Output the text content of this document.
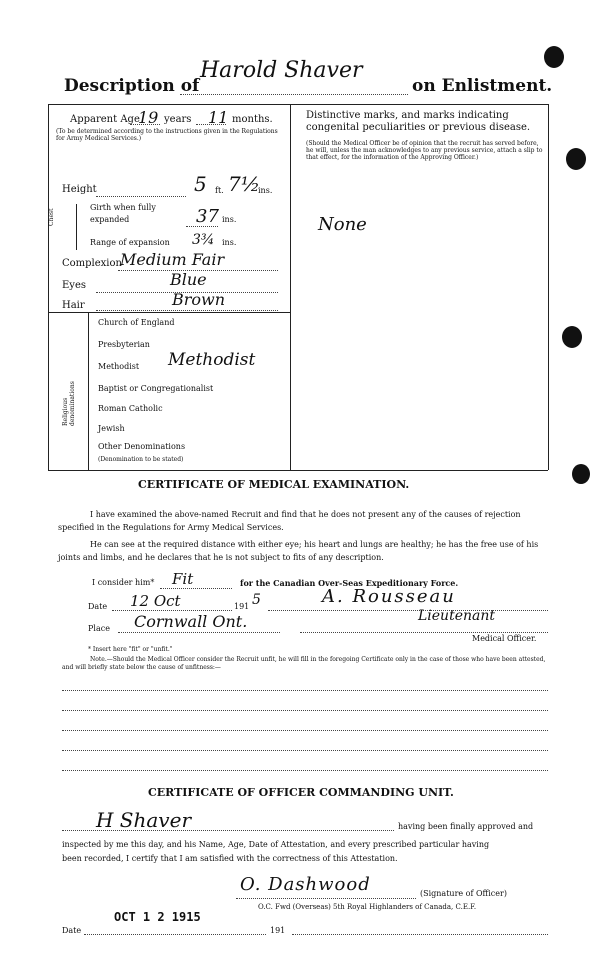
Description of
Harold Shaver
on Enlistment.
Apparent Age
19 years 11 months.
(To be determined according to the instructions given in the Regulations for Army Medical Services.)
Distinctive marks, and marks indicating congenital peculiarities or previous disease.
(Should the Medical Officer be of opinion that the recruit has served before, he will, unless the man acknowledges to any previous service, attach a slip to that effect, for the information of the Approving Officer.)
None
Height	5 ft. 7½
ins.
Chest
Girth when fully expanded	37 ins.
Range of expansion 3¾ ins.
Complexion
Medium Fair
Eyes	Blue
Hair	Brown
Religious denominations
Church of England
Presbyterian
Methodist Methodist
Baptist or Congregationalist
Roman Catholic
Jewish
Other Denominations
(Denomination to be stated)
CERTIFICATE OF MEDICAL EXAMINATION.
I have examined the above-named Recruit and find that he does not present any of the causes of rejection specified in the Regulations for Army Medical Services.
He can see at the required distance with either eye; his heart and lungs are healthy; he has the free use of his joints and limbs, and he declares that he is not subject to fits of any description.
I consider him* Fit	for the Canadian Over-Seas Expeditionary Force.
Date 12 Oct	191 5	A. Rousseau
Place Cornwall Ont.	Lieutenant
Medical Officer.
* Insert here "fit" or "unfit."
Note.—Should the Medical Officer consider the Recruit unfit, he will fill in the foregoing Certificate only in the case of those who have been attested, and will briefly state below the cause of unfitness:—
CERTIFICATE OF OFFICER COMMANDING UNIT.
H Shaver	having been finally approved and
inspected by me this day, and his Name, Age, Date of Attestation, and every prescribed particular having
been recorded, I certify that I am satisfied with the correctness of this Attestation.
O. Dashwood	(Signature of Officer)
OCT 1 2 1915
O.C. Fwd (Overseas) 5th Royal Highlanders of Canada, C.E.F.
Date	191
